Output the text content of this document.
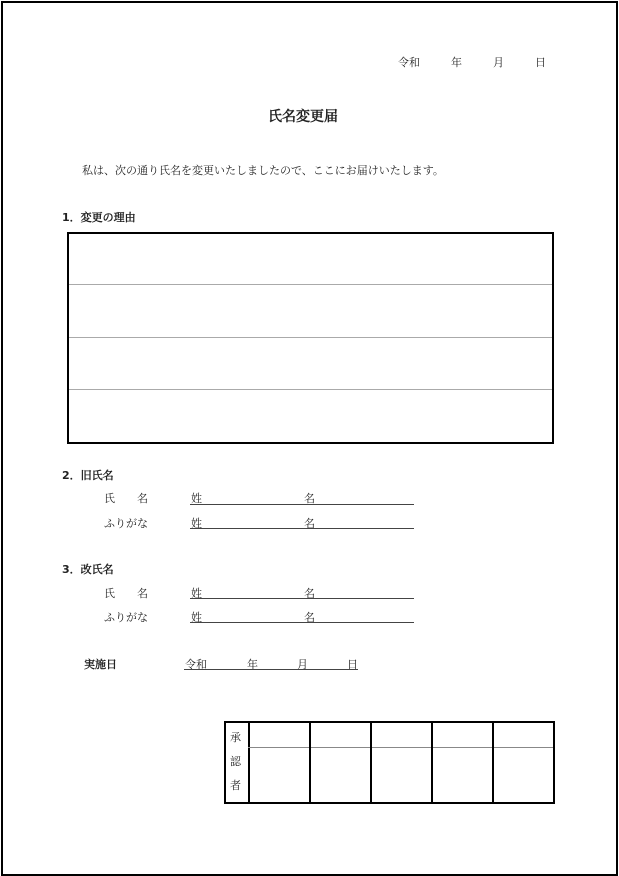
令和	年	月	日
氏名変更届
私は、次の通り氏名を変更いたしましたので、ここにお届けいたします。
1．変更の理由
2．旧氏名
氏　　名	姓	名
ふりがな	姓	名
3．改氏名
氏　　名	姓	名
ふりがな	姓	名
実施日	令和	年	月	日
承
認
者
